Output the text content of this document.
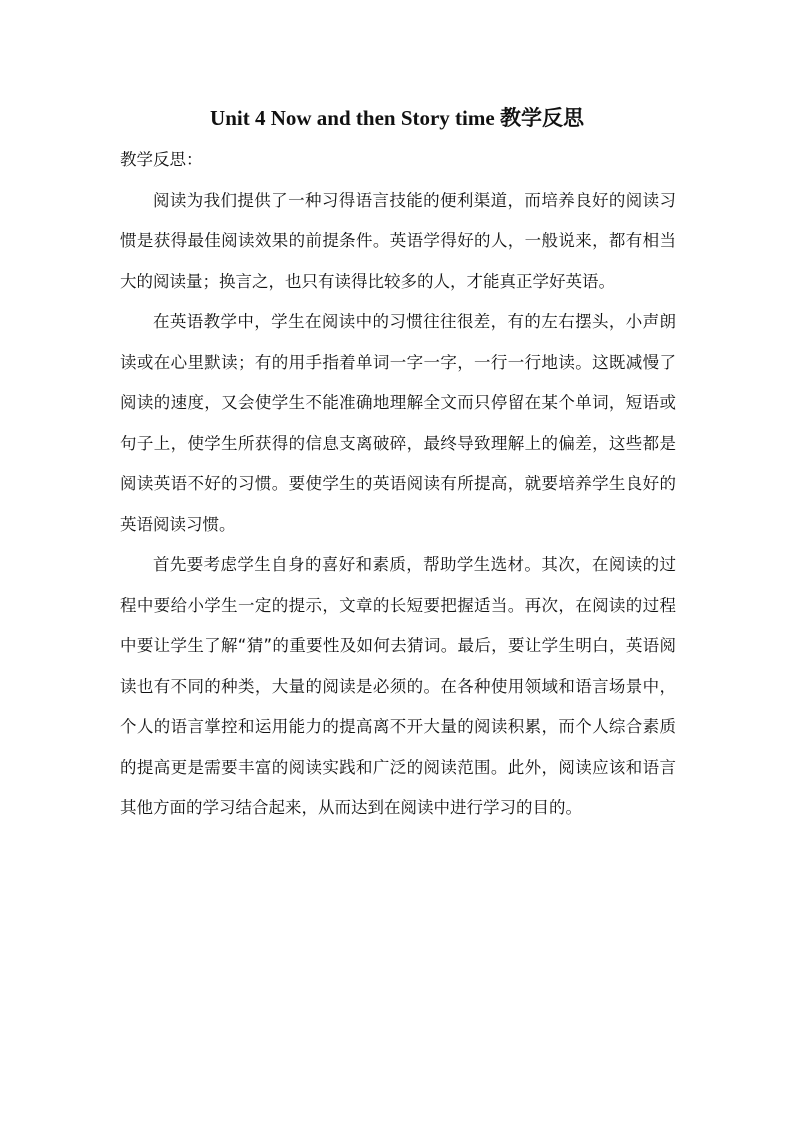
Unit 4 Now and then Story time 教学反思

教学反思：

阅读为我们提供了一种习得语言技能的便利渠道，而培养良好的阅读习惯是获得最佳阅读效果的前提条件。英语学得好的人，一般说来，都有相当大的阅读量；换言之，也只有读得比较多的人，才能真正学好英语。

在英语教学中，学生在阅读中的习惯往往很差，有的左右摆头，小声朗读或在心里默读；有的用手指着单词一字一字，一行一行地读。这既减慢了阅读的速度，又会使学生不能准确地理解全文而只停留在某个单词，短语或句子上，使学生所获得的信息支离破碎，最终导致理解上的偏差，这些都是阅读英语不好的习惯。要使学生的英语阅读有所提高，就要培养学生良好的英语阅读习惯。

首先要考虑学生自身的喜好和素质，帮助学生选材。其次，在阅读的过程中要给小学生一定的提示，文章的长短要把握适当。再次，在阅读的过程中要让学生了解“猜”的重要性及如何去猜词。最后，要让学生明白，英语阅读也有不同的种类，大量的阅读是必须的。在各种使用领域和语言场景中，个人的语言掌控和运用能力的提高离不开大量的阅读积累，而个人综合素质的提高更是需要丰富的阅读实践和广泛的阅读范围。此外，阅读应该和语言其他方面的学习结合起来，从而达到在阅读中进行学习的目的。
